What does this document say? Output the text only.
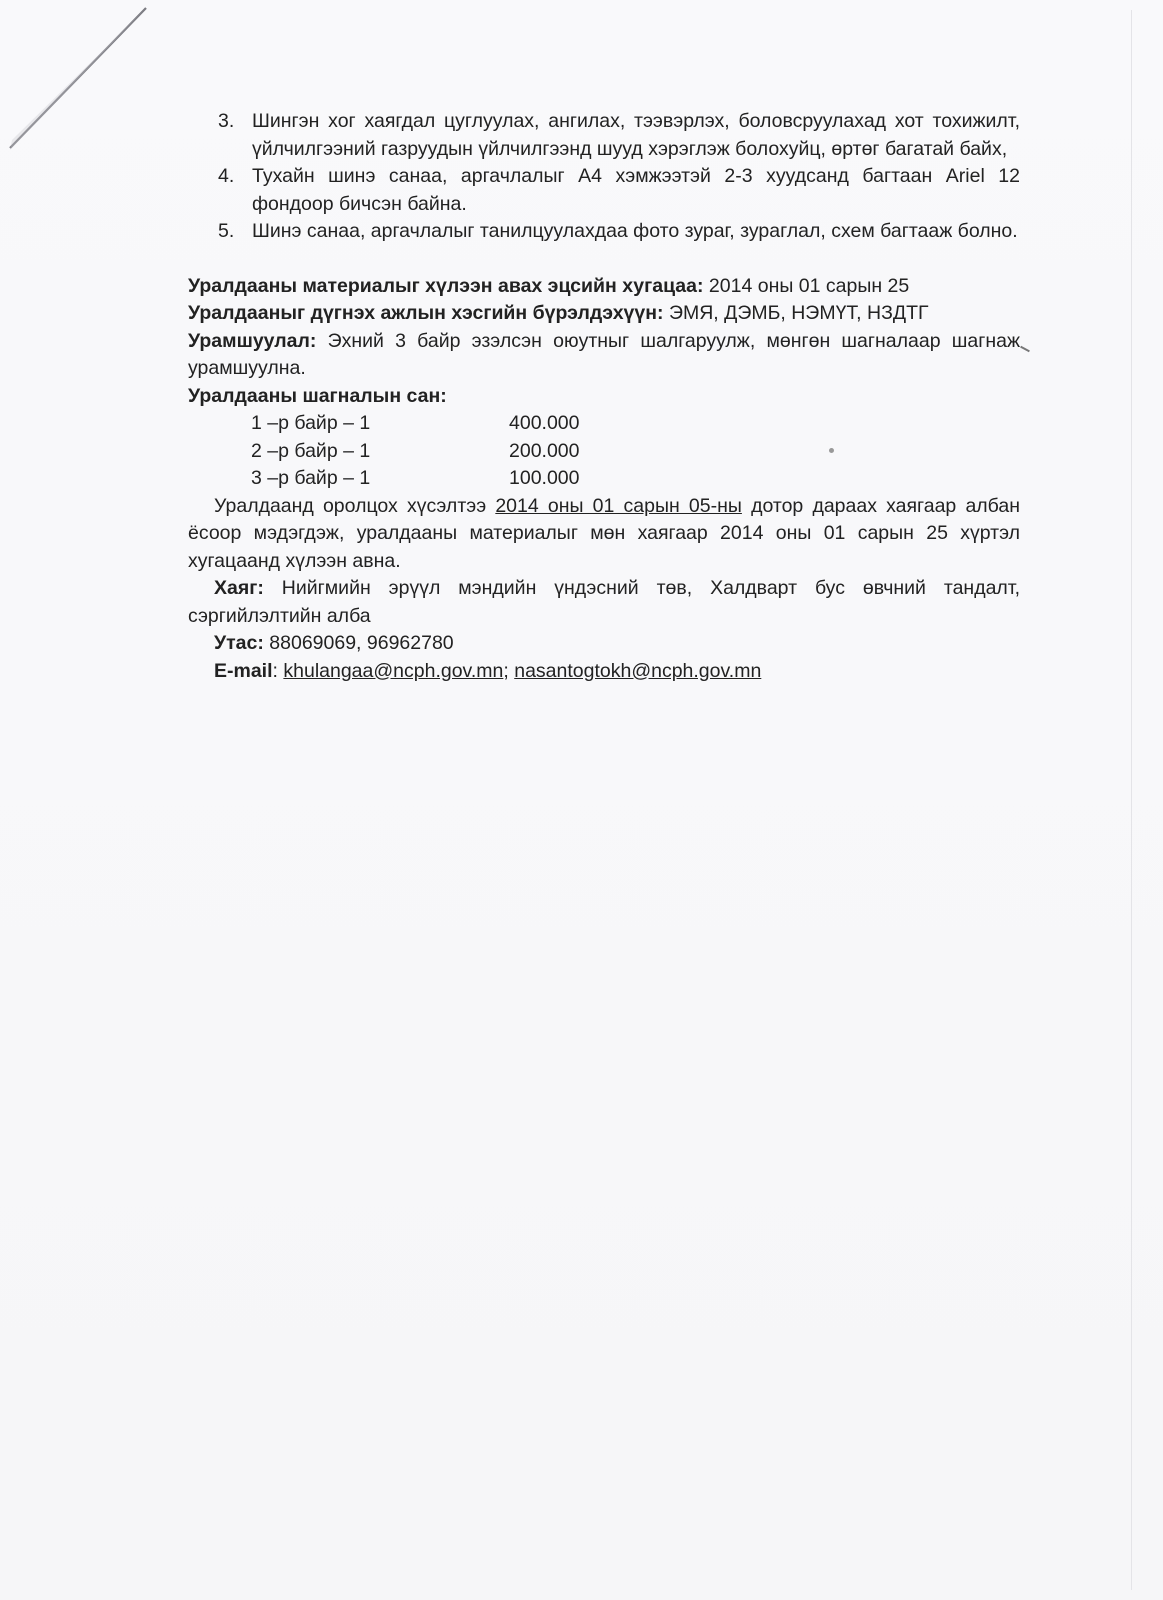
3. Шингэн хог хаягдал цуглуулах, ангилах, тээвэрлэх, боловсруулахад хот тохижилт, үйлчилгээний газруудын үйлчилгээнд шууд хэрэглэж болохуйц, өртөг багатай байх,
4. Тухайн шинэ санаа, аргачлалыг А4 хэмжээтэй 2-3 хуудсанд багтаан Ariel 12 фондоор бичсэн байна.
5. Шинэ санаа, аргачлалыг танилцуулахдаа фото зураг, зураглал, схем багтааж болно.
Уралдааны материалыг хүлээн авах эцсийн хугацаа: 2014 оны 01 сарын 25
Уралдааныг дүгнэх ажлын хэсгийн бүрэлдэхүүн: ЭМЯ, ДЭМБ, НЭМҮТ, НЗДТГ
Урамшуулал: Эхний 3 байр эзэлсэн оюутныг шалгаруулж, мөнгөн шагналаар шагнаж урамшуулна.
Уралдааны шагналын сан:
1 –р байр – 1	400.000
2 –р байр – 1	200.000
3 –р байр – 1	100.000
Уралдаанд оролцох хүсэлтээ 2014 оны 01 сарын 05-ны дотор дараах хаягаар албан ёсоор мэдэгдэж, уралдааны материалыг мөн хаягаар 2014 оны 01 сарын 25 хүртэл хугацаанд хүлээн авна.
Хаяг: Нийгмийн эрүүл мэндийн үндэсний төв, Халдварт бус өвчний тандалт, сэргийлэлтийн алба
Утас: 88069069, 96962780
E-mail: khulangaa@ncph.gov.mn; nasantogtokh@ncph.gov.mn
